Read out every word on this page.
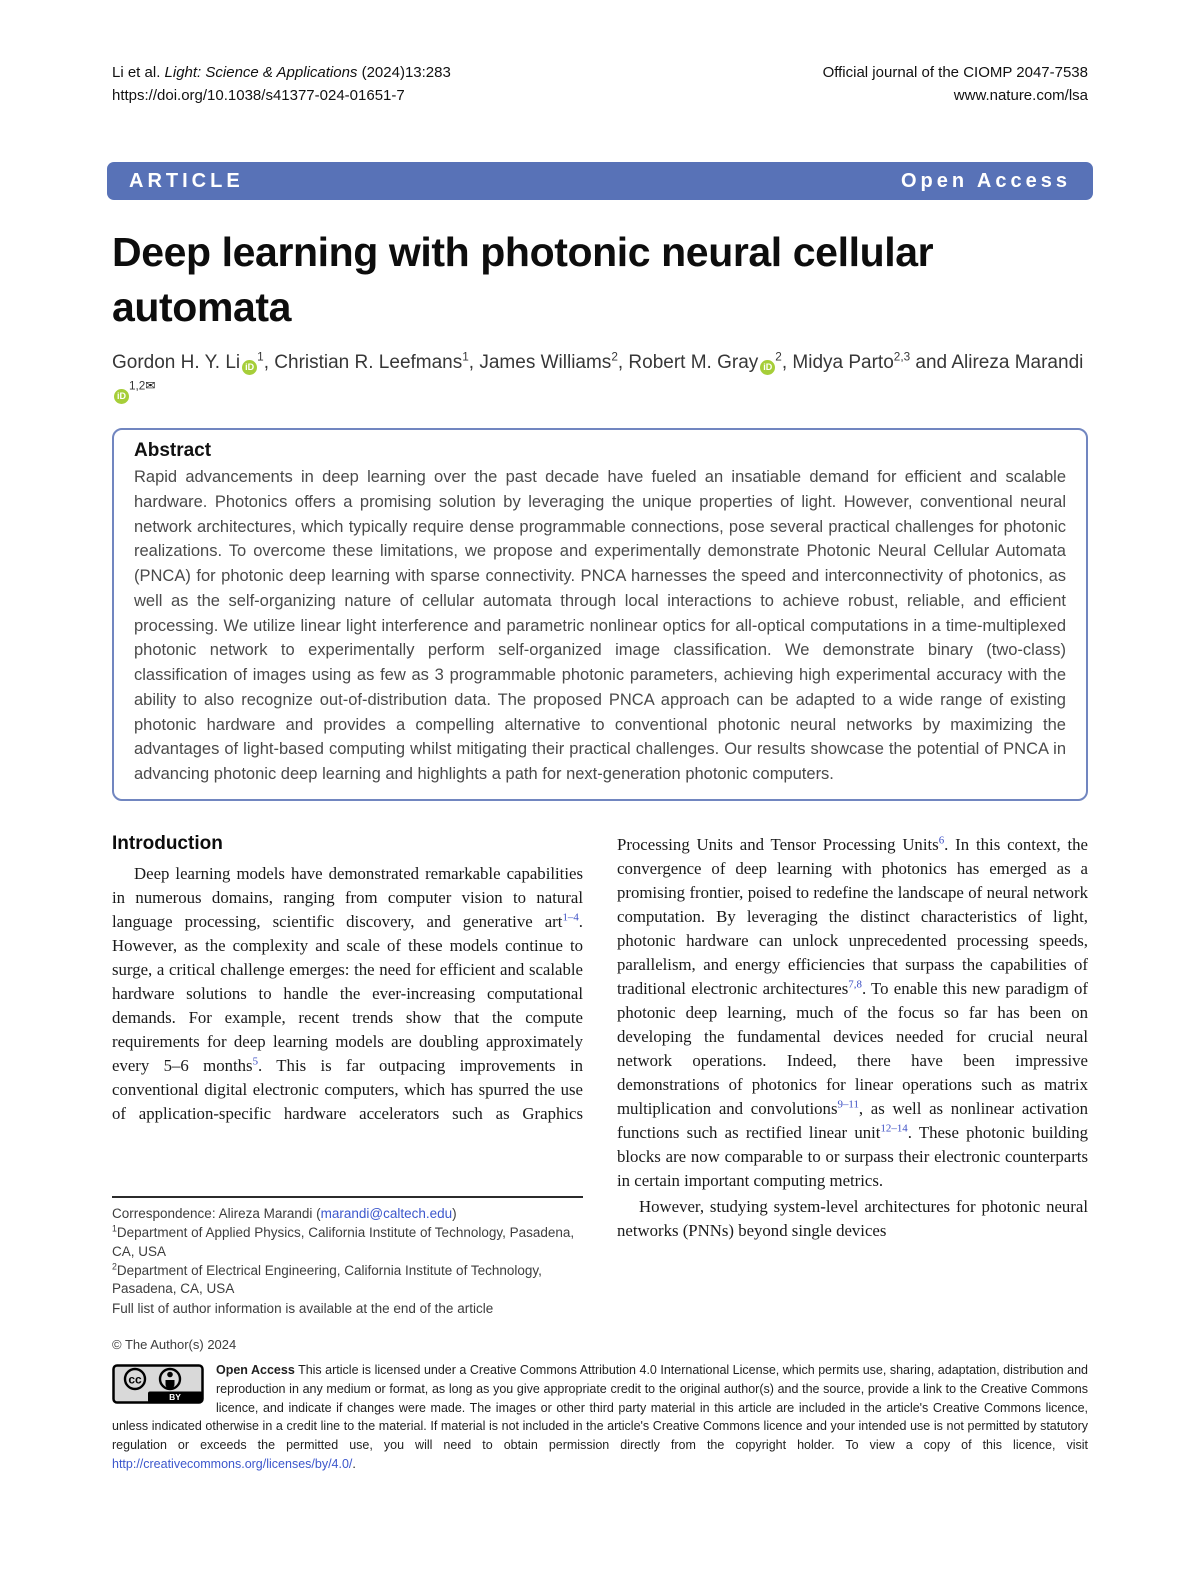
Li et al. Light: Science & Applications (2024)13:283
https://doi.org/10.1038/s41377-024-01651-7
Official journal of the CIOMP 2047-7538
www.nature.com/lsa
ARTICLE	Open Access
Deep learning with photonic neural cellular automata
Gordon H. Y. Li $iD^1$, Christian R. Leefmans$^1$, James Williams$^2$, Robert M. Gray $iD^2$, Midya Parto$^{2,3}$ and Alireza MarandiiD$^{1,2✉}$
Abstract
Rapid advancements in deep learning over the past decade have fueled an insatiable demand for efficient and scalable hardware. Photonics offers a promising solution by leveraging the unique properties of light. However, conventional neural network architectures, which typically require dense programmable connections, pose several practical challenges for photonic realizations. To overcome these limitations, we propose and experimentally demonstrate Photonic Neural Cellular Automata (PNCA) for photonic deep learning with sparse connectivity. PNCA harnesses the speed and interconnectivity of photonics, as well as the self-organizing nature of cellular automata through local interactions to achieve robust, reliable, and efficient processing. We utilize linear light interference and parametric nonlinear optics for all-optical computations in a time-multiplexed photonic network to experimentally perform self-organized image classification. We demonstrate binary (two-class) classification of images using as few as 3 programmable photonic parameters, achieving high experimental accuracy with the ability to also recognize out-of-distribution data. The proposed PNCA approach can be adapted to a wide range of existing photonic hardware and provides a compelling alternative to conventional photonic neural networks by maximizing the advantages of light-based computing whilst mitigating their practical challenges. Our results showcase the potential of PNCA in advancing photonic deep learning and highlights a path for next-generation photonic computers.
Introduction
Deep learning models have demonstrated remarkable capabilities in numerous domains, ranging from computer vision to natural language processing, scientific discovery, and generative art$^{1-4}$. However, as the complexity and scale of these models continue to surge, a critical challenge emerges: the need for efficient and scalable hardware solutions to handle the ever-increasing computational demands. For example, recent trends show that the compute requirements for deep learning models are doubling approximately every 5–6 months$^5$. This is far outpacing improvements in conventional digital electronic computers, which has spurred the use of application-specific hardware accelerators such as Graphics
Correspondence: Alireza Marandi (marandi@caltech.edu)
$^1$Department of Applied Physics, California Institute of Technology, Pasadena, CA, USA
$^2$Department of Electrical Engineering, California Institute of Technology, Pasadena, CA, USA
Full list of author information is available at the end of the article
Processing Units and Tensor Processing Units$^6$. In this context, the convergence of deep learning with photonics has emerged as a promising frontier, poised to redefine the landscape of neural network computation. By leveraging the distinct characteristics of light, photonic hardware can unlock unprecedented processing speeds, parallelism, and energy efficiencies that surpass the capabilities of traditional electronic architectures$^{7,8}$. To enable this new paradigm of photonic deep learning, much of the focus so far has been on developing the fundamental devices needed for crucial neural network operations. Indeed, there have been impressive demonstrations of photonics for linear operations such as matrix multiplication and convolutions$^{9-11}$, as well as nonlinear activation functions such as rectified linear unit$^{12-14}$. These photonic building blocks are now comparable to or surpass their electronic counterparts in certain important computing metrics.
However, studying system-level architectures for photonic neural networks (PNNs) beyond single devices
© The Author(s) 2024
cc
BY
Open Access This article is licensed under a Creative Commons Attribution 4.0 International License, which permits use, sharing, adaptation, distribution and reproduction in any medium or format, as long as you give appropriate credit to the original author(s) and the source, provide a link to the Creative Commons licence, and indicate if changes were made. The images or other third party material in this article are included in the article's Creative Commons licence, unless indicated otherwise in a credit line to the material. If material is not included in the article's Creative Commons licence and your intended use is not permitted by statutory regulation or exceeds the permitted use, you will need to obtain permission directly from the copyright holder. To view a copy of this licence, visit http://creativecommons.org/licenses/by/4.0/.
